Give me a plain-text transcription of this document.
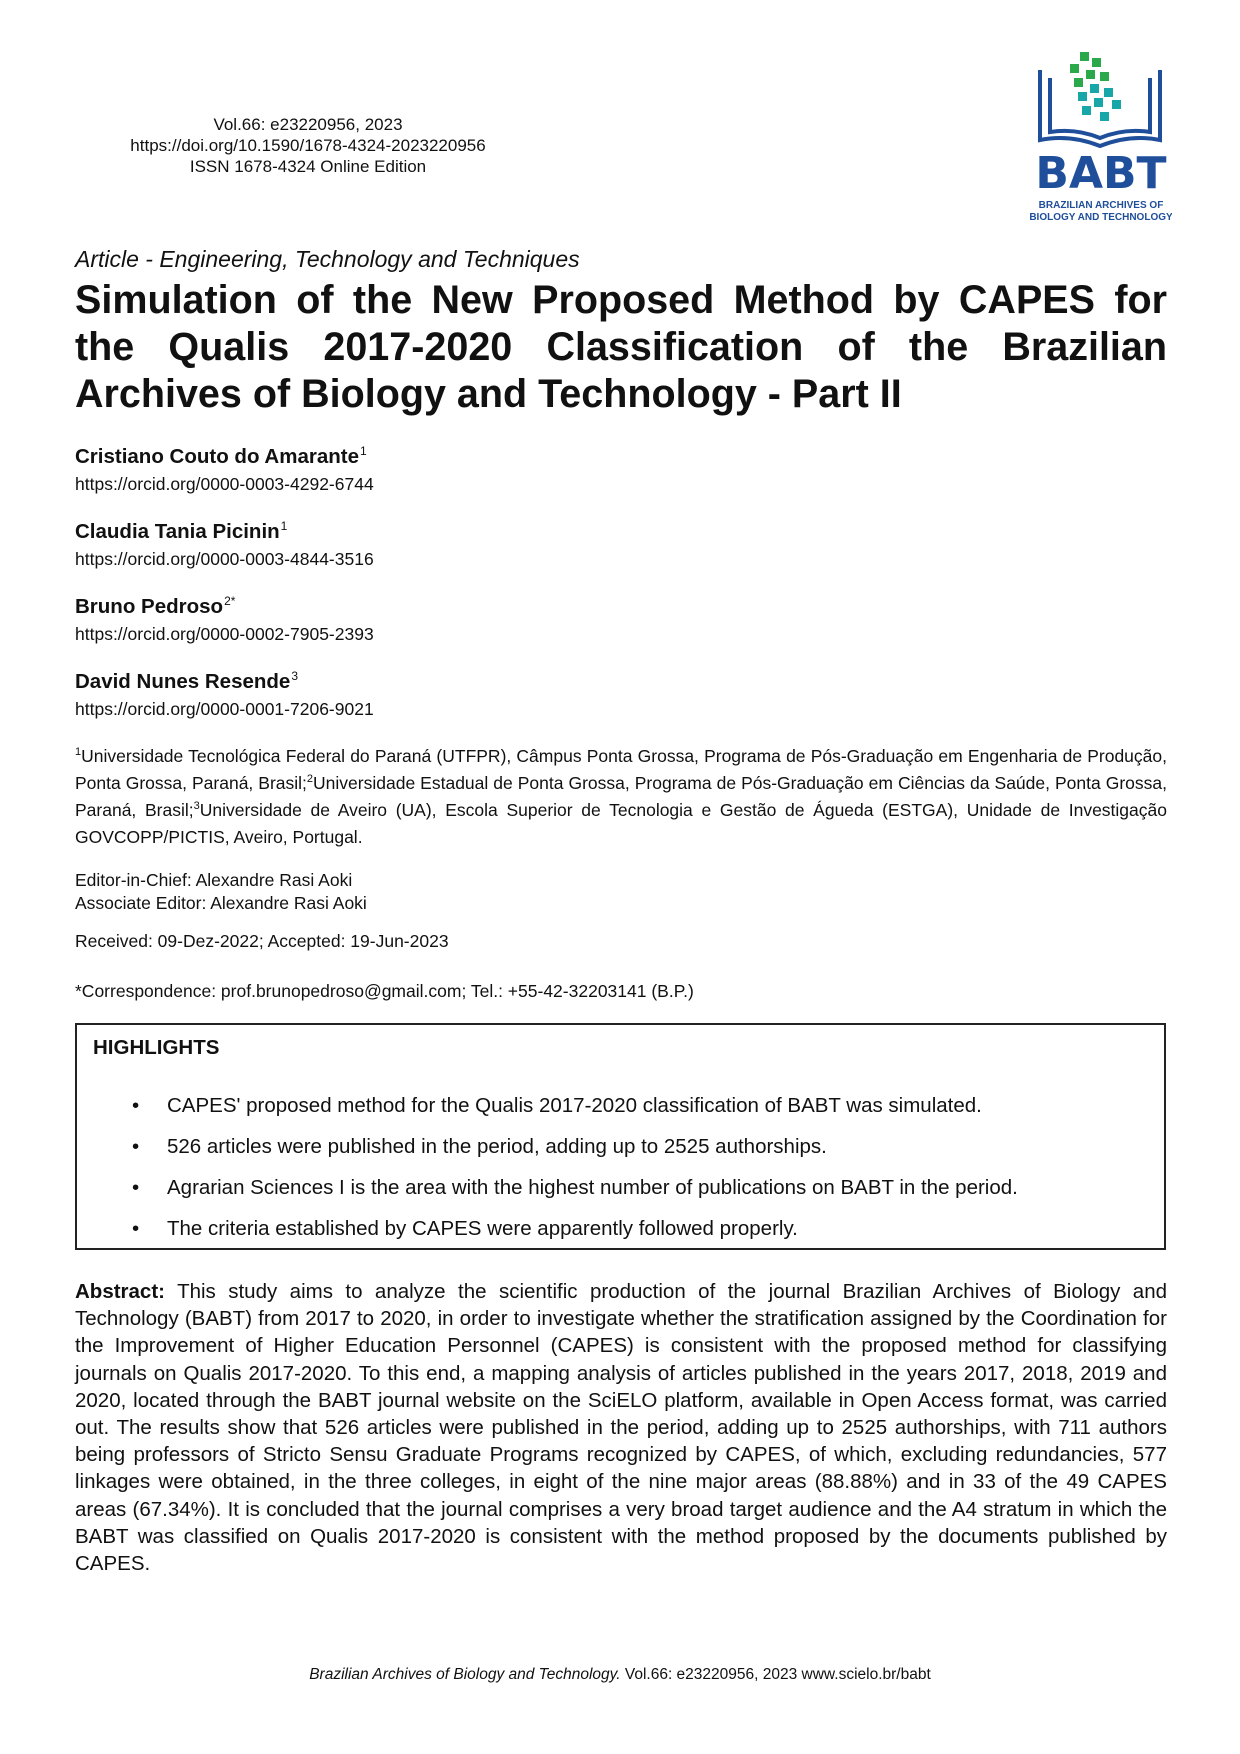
Vol.66: e23220956, 2023
https://doi.org/10.1590/1678-4324-2023220956
ISSN 1678-4324 Online Edition	BABT
BRAZILIAN ARCHIVES OF
BIOLOGY AND TECHNOLOGY
Article - Engineering, Technology and Techniques
Simulation of the New Proposed Method by CAPES for the Qualis 2017-2020 Classification of the Brazilian Archives of Biology and Technology - Part II
Cristiano Couto do Amarante$^1$
https://orcid.org/0000-0003-4292-6744
Claudia Tania Picinin$^1$
https://orcid.org/0000-0003-4844-3516
Bruno Pedroso$^{2*}$
https://orcid.org/0000-0002-7905-2393
David Nunes Resende$^3$
https://orcid.org/0000-0001-7206-9021
$^1$Universidade Tecnológica Federal do Paraná (UTFPR), Câmpus Ponta Grossa, Programa de Pós-Graduação em Engenharia de Produção, Ponta Grossa, Paraná, Brasil;$^2$Universidade Estadual de Ponta Grossa, Programa de Pós-Graduação em Ciências da Saúde, Ponta Grossa, Paraná, Brasil;$^3$Universidade de Aveiro (UA), Escola Superior de Tecnologia e Gestão de Águeda (ESTGA), Unidade de Investigação GOVCOPP/PICTIS, Aveiro, Portugal.
Editor-in-Chief: Alexandre Rasi Aoki
Associate Editor: Alexandre Rasi Aoki
Received: 09-Dez-2022; Accepted: 19-Jun-2023
*Correspondence: prof.brunopedroso@gmail.com; Tel.: +55-42-32203141 (B.P.)
HIGHLIGHTS
• CAPES' proposed method for the Qualis 2017-2020 classification of BABT was simulated.
• 526 articles were published in the period, adding up to 2525 authorships.
• Agrarian Sciences I is the area with the highest number of publications on BABT in the period.
• The criteria established by CAPES were apparently followed properly.
Abstract: This study aims to analyze the scientific production of the journal Brazilian Archives of Biology and Technology (BABT) from 2017 to 2020, in order to investigate whether the stratification assigned by the Coordination for the Improvement of Higher Education Personnel (CAPES) is consistent with the proposed method for classifying journals on Qualis 2017-2020. To this end, a mapping analysis of articles published in the years 2017, 2018, 2019 and 2020, located through the BABT journal website on the SciELO platform, available in Open Access format, was carried out. The results show that 526 articles were published in the period, adding up to 2525 authorships, with 711 authors being professors of Stricto Sensu Graduate Programs recognized by CAPES, of which, excluding redundancies, 577 linkages were obtained, in the three colleges, in eight of the nine major areas (88.88%) and in 33 of the 49 CAPES areas (67.34%). It is concluded that the journal comprises a very broad target audience and the A4 stratum in which the BABT was classified on Qualis 2017-2020 is consistent with the method proposed by the documents published by CAPES.
Brazilian Archives of Biology and Technology. Vol.66: e23220956, 2023 www.scielo.br/babt
